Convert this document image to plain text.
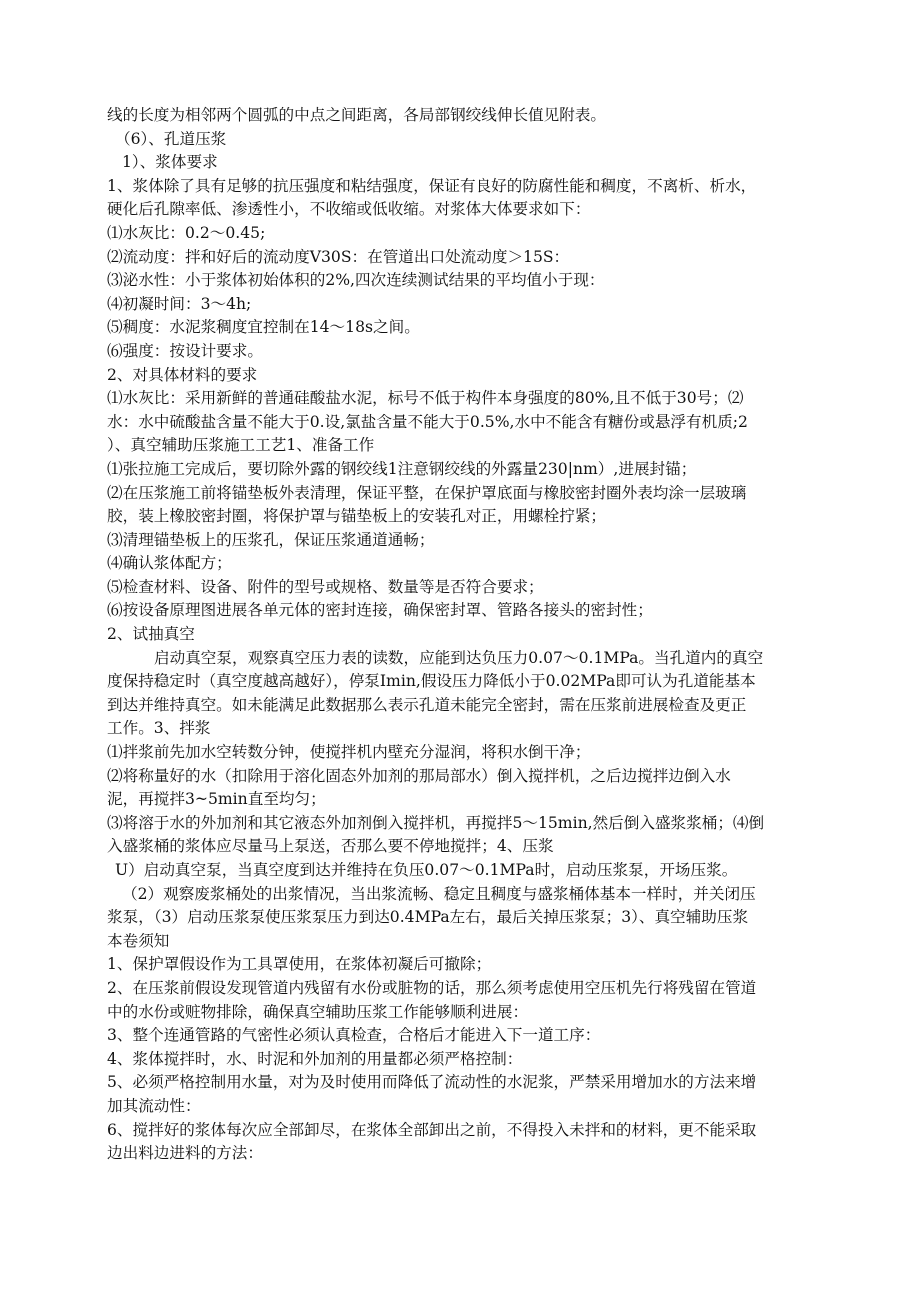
线的长度为相邻两个圆弧的中点之间距离，各局部钢绞线伸长值见附表。

（6）、孔道压浆

1）、浆体要求

1、浆体除了具有足够的抗压强度和粘结强度，保证有良好的防腐性能和稠度，不离析、析水，

硬化后孔隙率低、渗透性小，不收缩或低收缩。对浆体大体要求如下：

⑴水灰比：0.2～0.45;

⑵流动度：拌和好后的流动度V30S：在管道出口处流动度＞15S：

⑶泌水性：小于浆体初始体积的2%,四次连续测试结果的平均值小于现：

⑷初凝时间：3～4h;

⑸稠度：水泥浆稠度宜控制在14～18s之间。

⑹强度：按设计要求。

2、对具体材料的要求

⑴水灰比：采用新鲜的普通硅酸盐水泥，标号不低于构件本身强度的80%,且不低于30号；⑵

水：水中硫酸盐含量不能大于0.设,氯盐含量不能大于0.5%,水中不能含有糖份或悬浮有机质;2

）、真空辅助压浆施工工艺1、准备工作

⑴张拉施工完成后，要切除外露的钢绞线1注意钢绞线的外露量230|nm）,进展封锚；

⑵在压浆施工前将锚垫板外表清理，保证平整，在保护罩底面与橡胶密封圈外表均涂一层玻璃

胶，装上橡胶密封圈，将保护罩与锚垫板上的安装孔对正，用螺栓拧紧；

⑶清理锚垫板上的压浆孔，保证压浆通道通畅；

⑷确认浆体配方；

⑸检查材料、设备、附件的型号或规格、数量等是否符合要求；

⑹按设备原理图进展各单元体的密封连接，确保密封罩、管路各接头的密封性；

2、试抽真空

启动真空泵，观察真空压力表的读数，应能到达负压力0.07～0.1MPa。当孔道内的真空

度保持稳定时（真空度越高越好），停泵Imin,假设压力降低小于0.02MPa即可认为孔道能基本

到达并维持真空。如未能满足此数据那么表示孔道未能完全密封，需在压浆前进展检查及更正

工作。3、拌浆

⑴拌浆前先加水空转数分钟，使搅拌机内壁充分湿润，将积水倒干净；

⑵将称量好的水（扣除用于溶化固态外加剂的那局部水）倒入搅拌机，之后边搅拌边倒入水

泥，再搅拌3~5min直至均匀；

⑶将溶于水的外加剂和其它液态外加剂倒入搅拌机，再搅拌5～15min,然后倒入盛浆浆桶；⑷倒

入盛浆桶的浆体应尽量马上泵送，否那么要不停地搅拌；4、压浆

U）启动真空泵，当真空度到达并维持在负压0.07～0.1MPa时，启动压浆泵，开场压浆。

（2）观察废浆桶处的出浆情况，当出浆流畅、稳定且稠度与盛浆桶体基本一样时，并关闭压

浆泵，（3）启动压浆泵使压浆泵压力到达0.4MPa左右，最后关掉压浆泵；3）、真空辅助压浆

本卷须知

1、保护罩假设作为工具罩使用，在浆体初凝后可撤除；

2、在压浆前假设发现管道内残留有水份或脏物的话，那么须考虑使用空压机先行将残留在管道

中的水份或赃物排除，确保真空辅助压浆工作能够顺利进展：

3、整个连通管路的气密性必须认真检查，合格后才能进入下一道工序：

4、浆体搅拌时，水、时泥和外加剂的用量都必须严格控制：

5、必须严格控制用水量，对为及时使用而降低了流动性的水泥浆，严禁采用增加水的方法来增

加其流动性：

6、搅拌好的浆体每次应全部卸尽，在浆体全部卸出之前，不得投入未拌和的材料，更不能采取

边出料边进料的方法：
